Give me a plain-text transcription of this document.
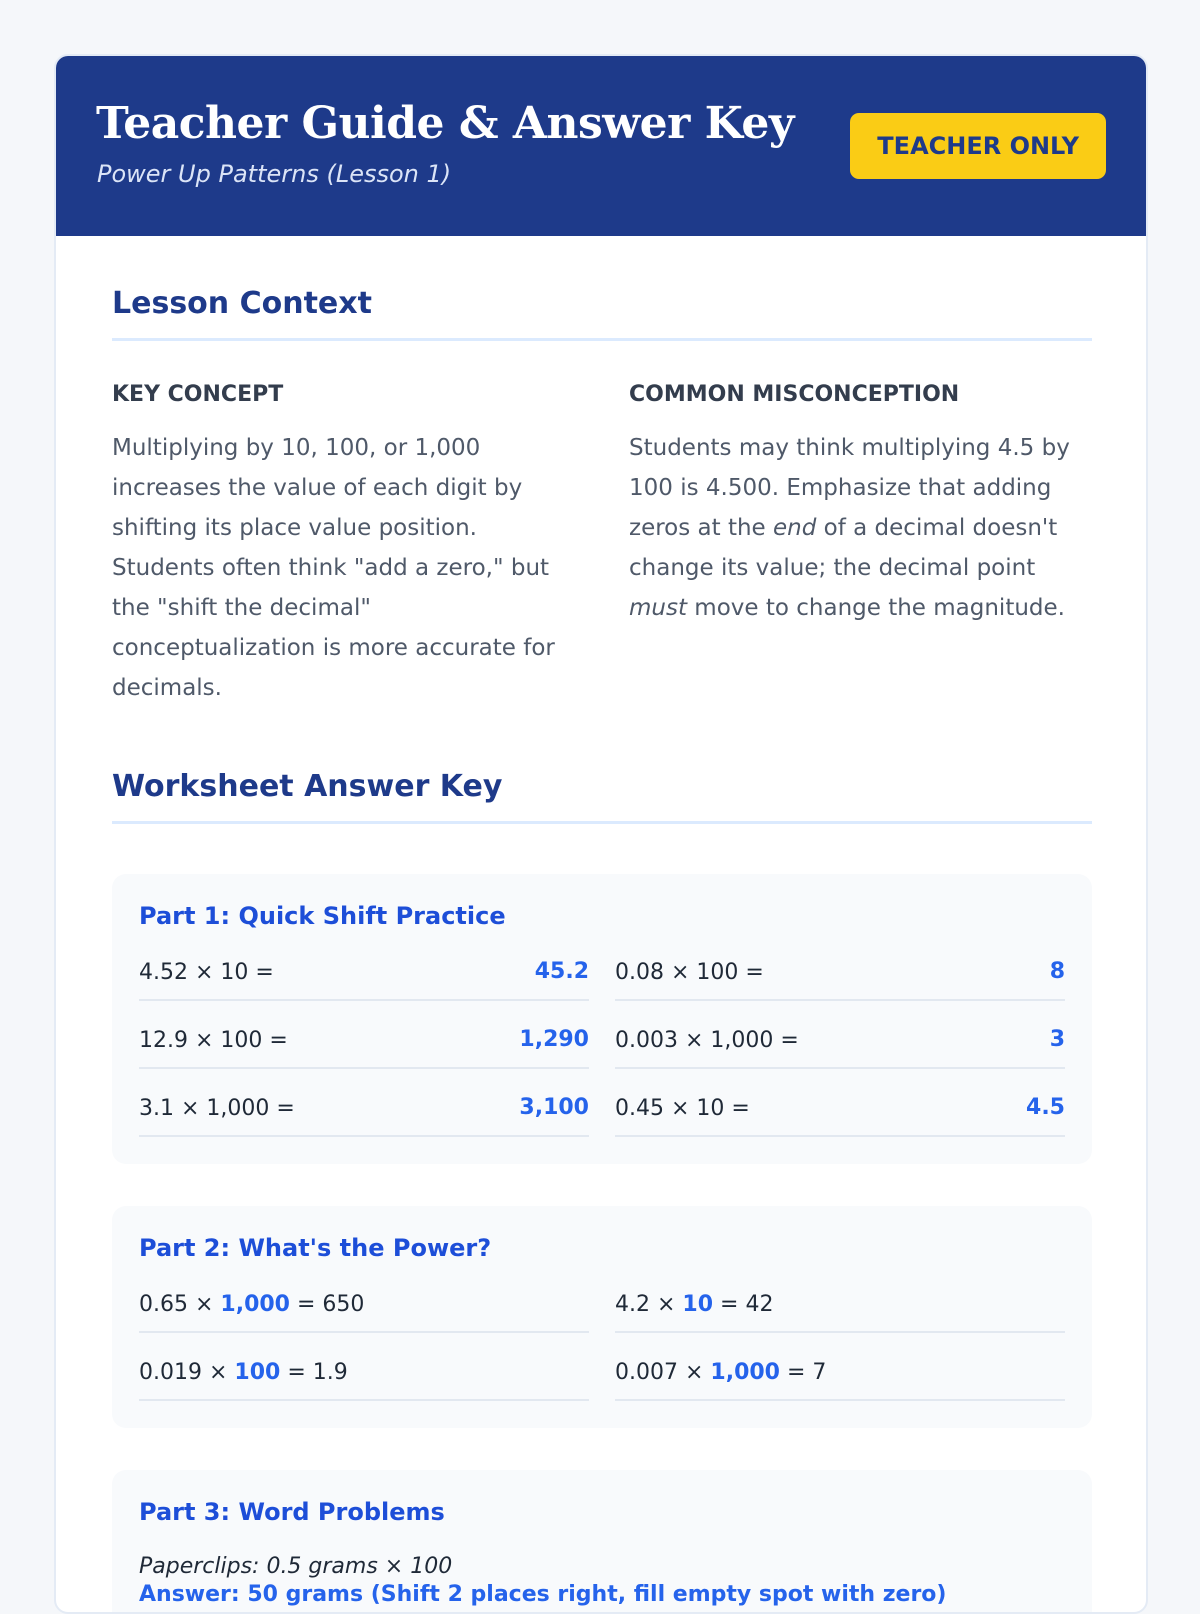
Teacher Guide & Answer Key
Power Up Patterns (Lesson 1)
TEACHER ONLY
Lesson Context
KEY CONCEPT

Multiplying by 10, 100, or 1,000 increases the value of each digit by shifting its place value position. Students often think "add a zero," but the "shift the decimal" conceptualization is more accurate for decimals.

COMMON MISCONCEPTION

Students may think multiplying 4.5 by 100 is 4.500. Emphasize that adding zeros at the end of a decimal doesn't change its value; the decimal point must move to change the magnitude.

Worksheet Answer Key
Part 1: Quick Shift Practice
4.52 × 10 =	45.2 0.08 × 100 =	8
12.9 × 100 =	1,290 0.003 × 1,000 =	3
3.1 × 1,000 =	3,100 0.45 × 10 =	4.5
Part 2: What's the Power?
0.65 × 1,000 = 650	4.2 × 10 = 42
0.019 × 100 = 1.9	0.007 × 1,000 = 7
Part 3: Word Problems
Paperclips: 0.5 grams × 100
Answer: 50 grams (Shift 2 places right, fill empty spot with zero)
